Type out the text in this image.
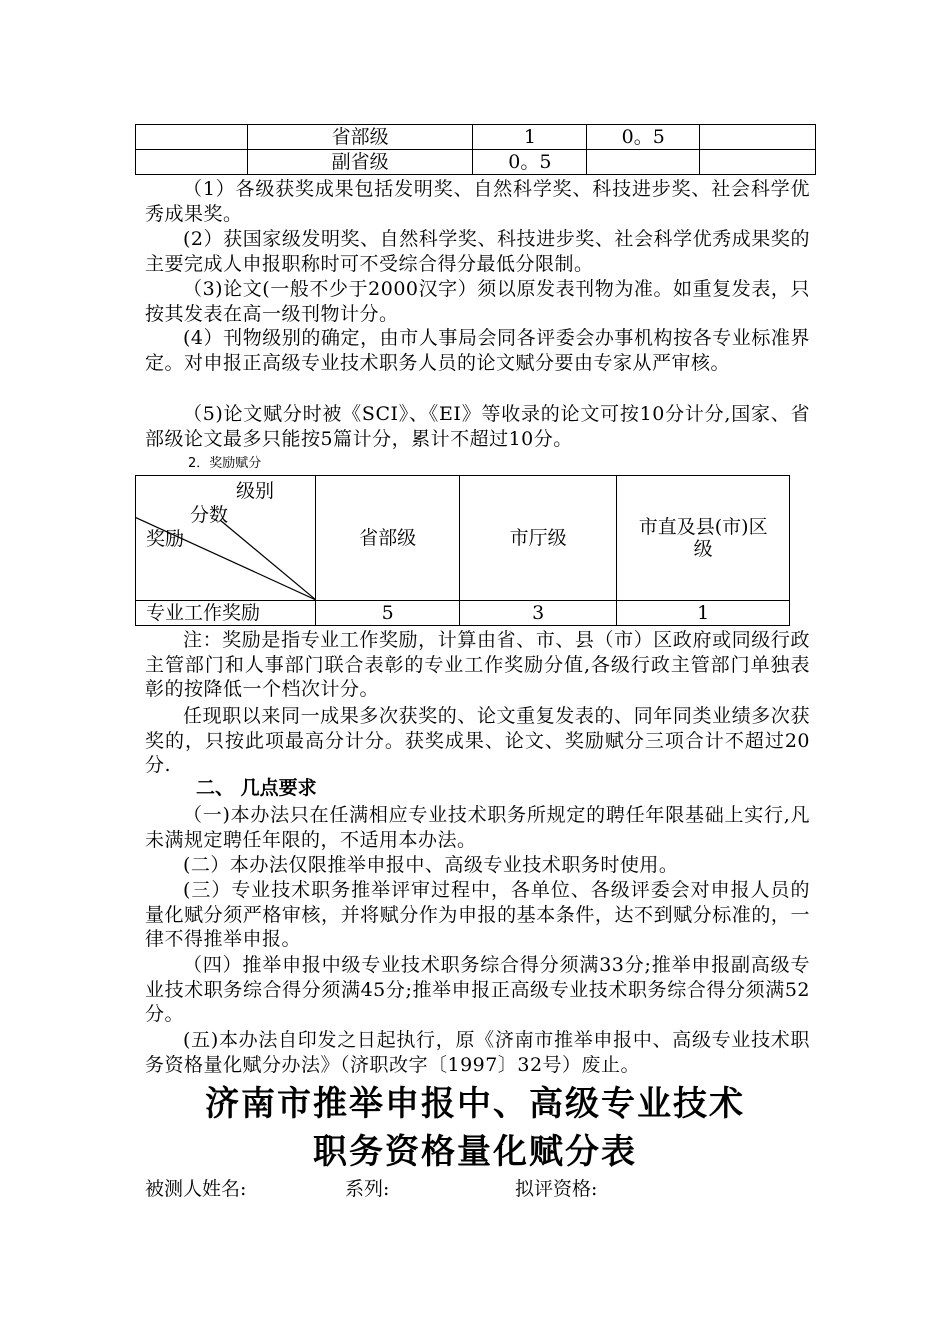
	省部级	1	0。5	
	副省级	0。5		
（1）各级获奖成果包括发明奖、自然科学奖、科技进步奖、社会科学优秀成果奖。
(2）获国家级发明奖、自然科学奖、科技进步奖、社会科学优秀成果奖的主要完成人申报职称时可不受综合得分最低分限制。
（3)论文(一般不少于2000汉字）须以原发表刊物为准。如重复发表，只按其发表在高一级刊物计分。
(4）刊物级别的确定，由市人事局会同各评委会办事机构按各专业标准界定。对申报正高级专业技术职务人员的论文赋分要由专家从严审核。
（5)论文赋分时被《SCI》、《EI》等收录的论文可按10分计分,国家、省部级论文最多只能按5篇计分，累计不超过10分。
2．奖励赋分
级别
分数
奖励	省部级	市厅级	市直及县(市)区级
专业工作奖励	5	3	1
注：奖励是指专业工作奖励，计算由省、市、县（市）区政府或同级行政主管部门和人事部门联合表彰的专业工作奖励分值,各级行政主管部门单独表彰的按降低一个档次计分。
任现职以来同一成果多次获奖的、论文重复发表的、同年同类业绩多次获奖的，只按此项最高分计分。获奖成果、论文、奖励赋分三项合计不超过20分.
二、 几点要求
（一)本办法只在任满相应专业技术职务所规定的聘任年限基础上实行,凡未满规定聘任年限的，不适用本办法。
(二）本办法仅限推举申报中、高级专业技术职务时使用。
(三）专业技术职务推举评审过程中，各单位、各级评委会对申报人员的量化赋分须严格审核，并将赋分作为申报的基本条件，达不到赋分标准的，一律不得推举申报。
（四）推举申报中级专业技术职务综合得分须满33分;推举申报副高级专业技术职务综合得分须满45分;推举申报正高级专业技术职务综合得分须满52分。
(五)本办法自印发之日起执行，原《济南市推举申报中、高级专业技术职务资格量化赋分办法》（济职改字〔1997〕32号）废止。
济南市推举申报中、高级专业技术
职务资格量化赋分表
被测人姓名:	系列:	拟评资格:
